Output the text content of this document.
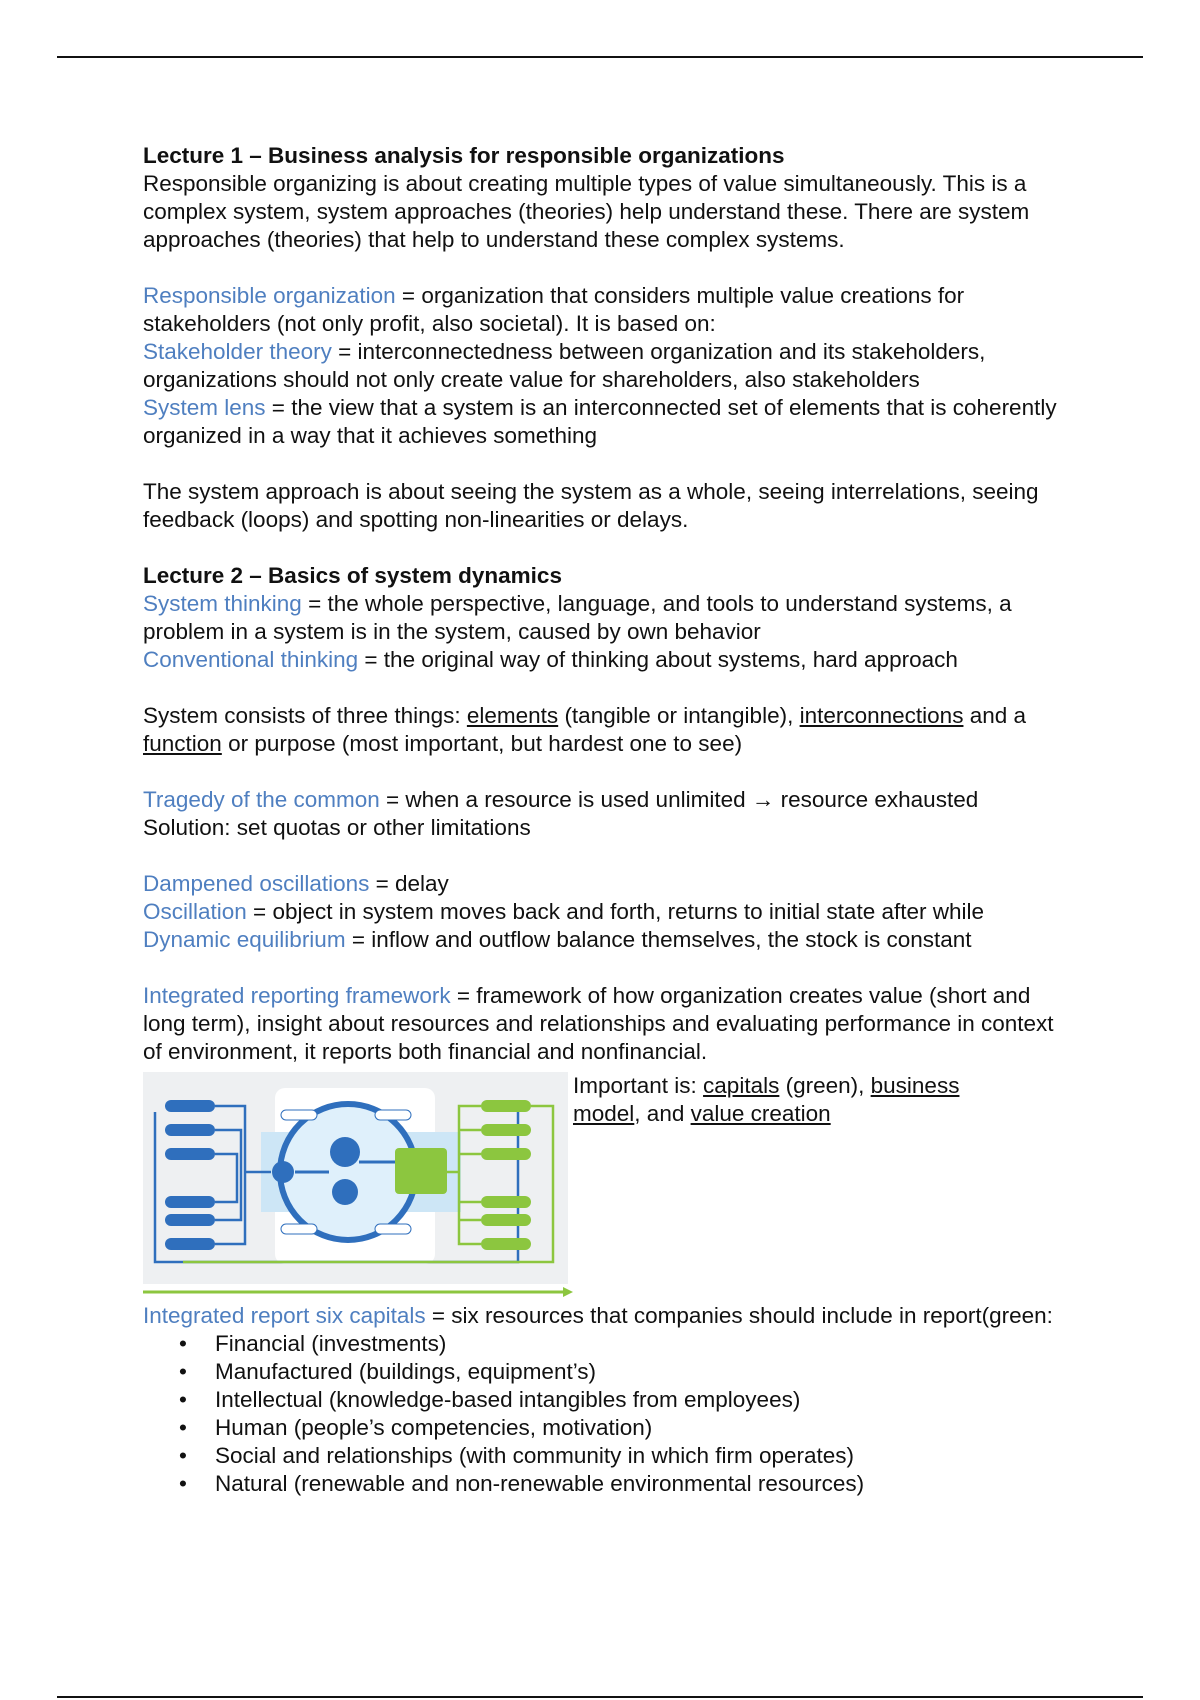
Lecture 1 – Business analysis for responsible organizations

Responsible organizing is about creating multiple types of value simultaneously. This is a complex system, system approaches (theories) help understand these. There are system approaches (theories) that help to understand these complex systems.

Responsible organization = organization that considers multiple value creations for stakeholders (not only profit, also societal). It is based on:

Stakeholder theory = interconnectedness between organization and its stakeholders, organizations should not only create value for shareholders, also stakeholders

System lens = the view that a system is an interconnected set of elements that is coherently organized in a way that it achieves something

The system approach is about seeing the system as a whole, seeing interrelations, seeing feedback (loops) and spotting non-linearities or delays.

Lecture 2 – Basics of system dynamics

System thinking = the whole perspective, language, and tools to understand systems, a problem in a system is in the system, caused by own behavior

Conventional thinking = the original way of thinking about systems, hard approach

System consists of three things: elements (tangible or intangible), interconnections and a function or purpose (most important, but hardest one to see)

Tragedy of the common = when a resource is used unlimited → resource exhausted

Solution: set quotas or other limitations

Dampened oscillations = delay

Oscillation = object in system moves back and forth, returns to initial state after while

Dynamic equilibrium = inflow and outflow balance themselves, the stock is constant

Integrated reporting framework = framework of how organization creates value (short and long term), insight about resources and relationships and evaluating performance in context of environment, it reports both financial and nonfinancial.

Important is: capitals (green), business model, and value creation

Integrated report six capitals = six resources that companies should include in report(green:

• Financial (investments)
• Manufactured (buildings, equipment’s)
• Intellectual (knowledge-based intangibles from employees)
• Human (people’s competencies, motivation)
• Social and relationships (with community in which firm operates)
• Natural (renewable and non-renewable environmental resources)
